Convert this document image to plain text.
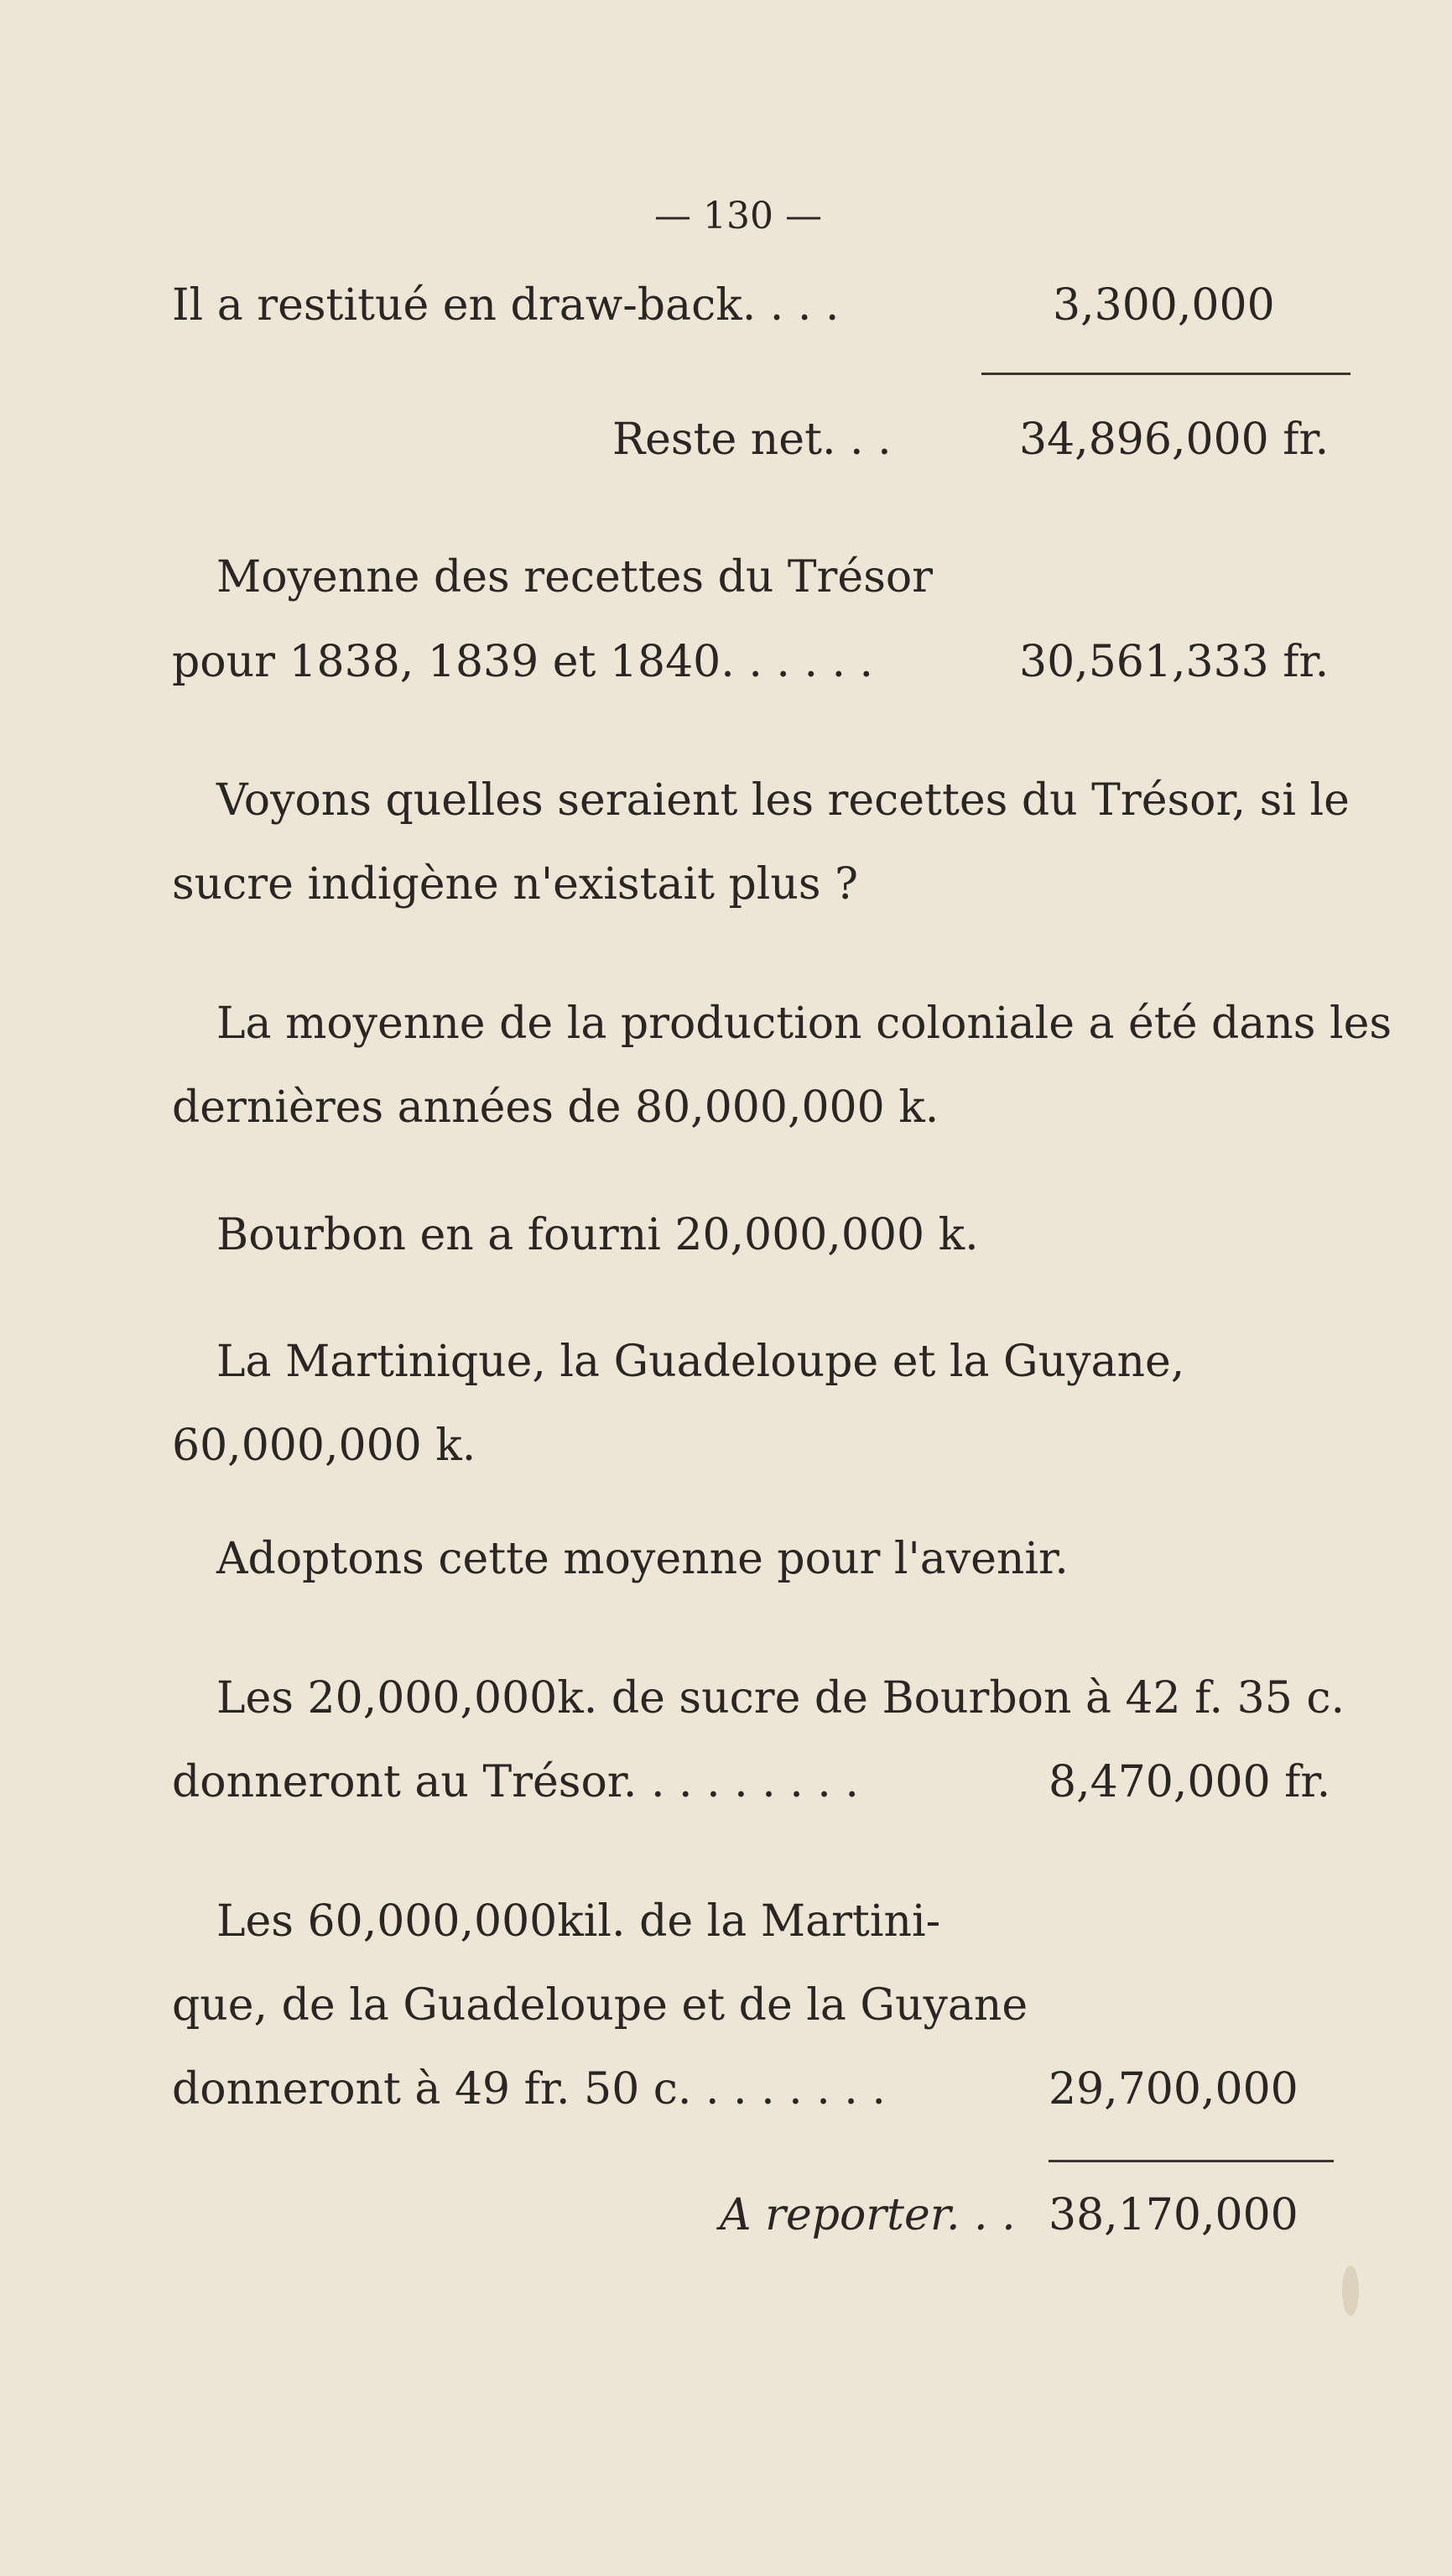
— 130 —
Il a restitué en draw-back. . . .	3,300,000
Reste net. . .	34,896,000 fr.
Moyenne des recettes du Trésor
pour 1838, 1839 et 1840. . . . . .	30,561,333 fr.
Voyons quelles seraient les recettes du Trésor, si le
sucre indigène n'existait plus ?
La moyenne de la production coloniale a été dans les
dernières années de 80,000,000 k.
Bourbon en a fourni 20,000,000 k.
La Martinique, la Guadeloupe et la Guyane,
60,000,000 k.
Adoptons cette moyenne pour l'avenir.
Les 20,000,000k. de sucre de Bourbon à 42 f. 35 c.
donneront au Trésor. . . . . . . . .	8,470,000 fr.
Les 60,000,000kil. de la Martini-
que, de la Guadeloupe et de la Guyane
donneront à 49 fr. 50 c. . . . . . . .	29,700,000
A reporter. . . 38,170,000
